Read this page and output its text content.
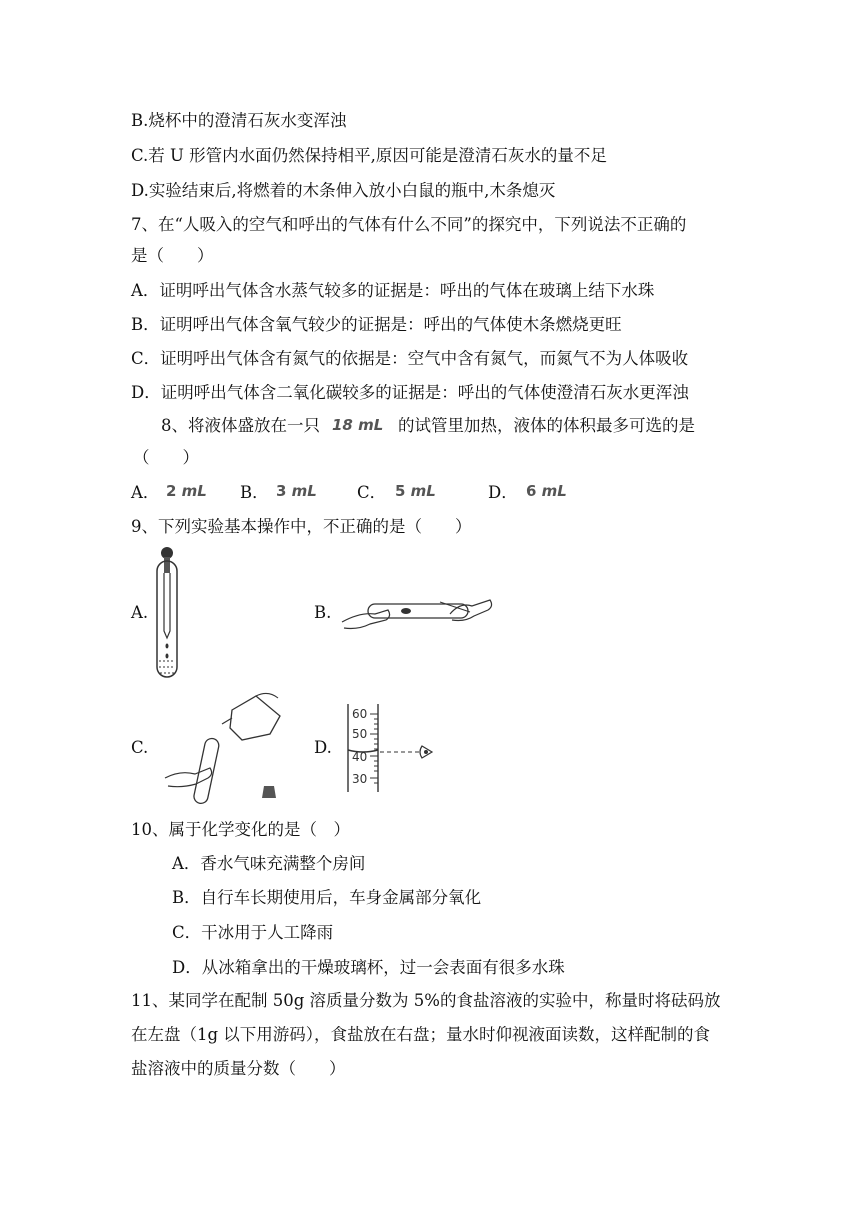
B.烧杯中的澄清石灰水变浑浊
C.若 U 形管内水面仍然保持相平,原因可能是澄清石灰水的量不足
D.实验结束后,将燃着的木条伸入放小白鼠的瓶中,木条熄灭
7、在“人吸入的空气和呼出的气体有什么不同”的探究中，下列说法不正确的
是（　　）
A．证明呼出气体含水蒸气较多的证据是：呼出的气体在玻璃上结下水珠
B．证明呼出气体含氧气较少的证据是：呼出的气体使木条燃烧更旺
C．证明呼出气体含有氮气的依据是：空气中含有氮气，而氮气不为人体吸收
D．证明呼出气体含二氧化碳较多的证据是：呼出的气体使澄清石灰水更浑浊
8、将液体盛放在一只 18 mL 的试管里加热，液体的体积最多可选的是
（　　）
A． 2 mL B． 3 mL C． 5 mL	D． 6 mL
9、下列实验基本操作中，不正确的是（　　）
A.	B.
C.	D.
60
50
40
30
10、属于化学变化的是（　）
A．香水气味充满整个房间
B．自行车长期使用后，车身金属部分氧化
C．干冰用于人工降雨
D．从冰箱拿出的干燥玻璃杯，过一会表面有很多水珠
11、某同学在配制 50g 溶质量分数为 5%的食盐溶液的实验中，称量时将砝码放
在左盘（1g 以下用游码），食盐放在右盘；量水时仰视液面读数，这样配制的食
盐溶液中的质量分数（　　）
